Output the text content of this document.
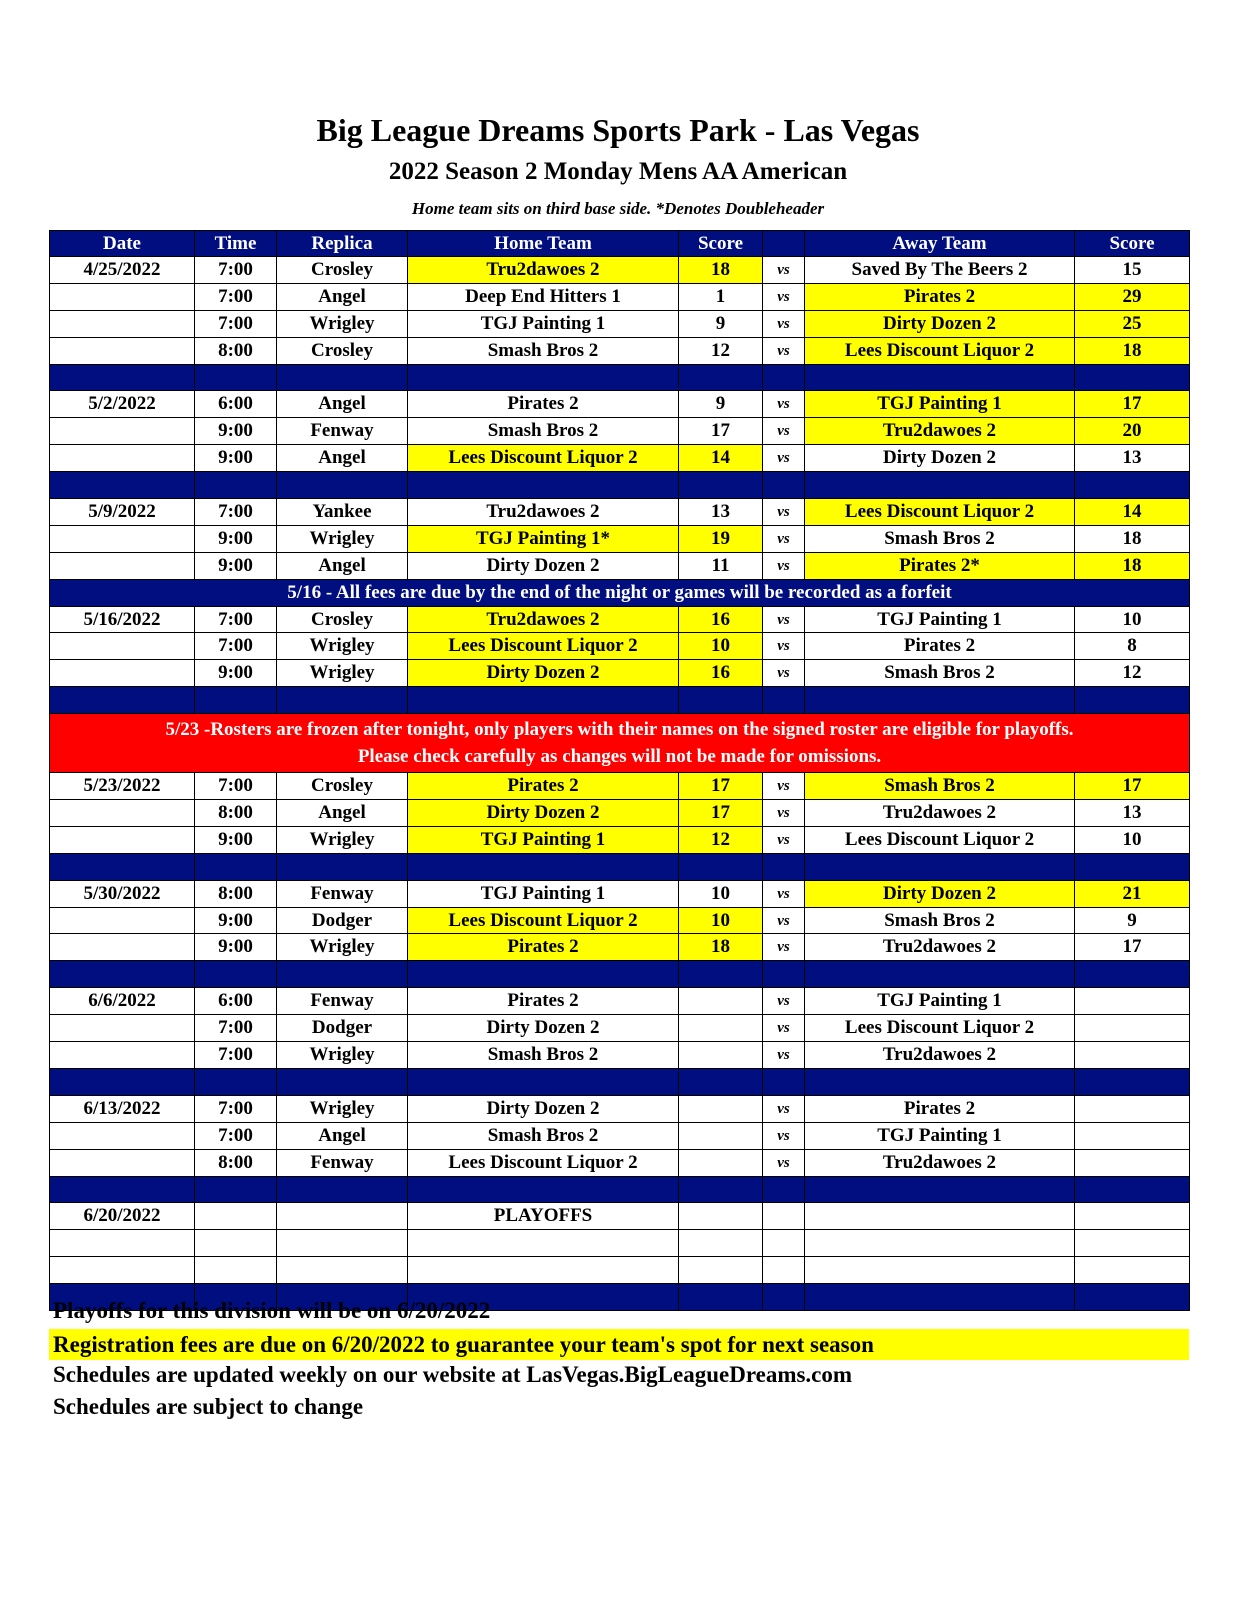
Big League Dreams Sports Park - Las Vegas
2022 Season 2 Monday Mens AA American
Home team sits on third base side. *Denotes Doubleheader
Date	Time	Replica	Home Team	Score		Away Team	Score
4/25/2022	7:00	Crosley	Tru2dawoes 2	18	vs	Saved By The Beers 2	15
	7:00	Angel	Deep End Hitters 1	1	vs	Pirates 2	29
	7:00	Wrigley	TGJ Painting 1	9	vs	Dirty Dozen 2	25
	8:00	Crosley	Smash Bros 2	12	vs	Lees Discount Liquor 2	18

5/2/2022	6:00	Angel	Pirates 2	9	vs	TGJ Painting 1	17
	9:00	Fenway	Smash Bros 2	17	vs	Tru2dawoes 2	20
	9:00	Angel	Lees Discount Liquor 2	14	vs	Dirty Dozen 2	13

5/9/2022	7:00	Yankee	Tru2dawoes 2	13	vs	Lees Discount Liquor 2	14
	9:00	Wrigley	TGJ Painting 1*	19	vs	Smash Bros 2	18
	9:00	Angel	Dirty Dozen 2	11	vs	Pirates 2*	18
5/16 - All fees are due by the end of the night or games will be recorded as a forfeit							
5/16/2022	7:00	Crosley	Tru2dawoes 2	16	vs	TGJ Painting 1	10
	7:00	Wrigley	Lees Discount Liquor 2	10	vs	Pirates 2	8
	9:00	Wrigley	Dirty Dozen 2	16	vs	Smash Bros 2	12

5/23 -Rosters are frozen after tonight, only players with their names on the signed roster are eligible for playoffs.
Please check carefully as changes will not be made for omissions.							

5/23/2022	7:00	Crosley	Pirates 2	17	vs	Smash Bros 2	17
	8:00	Angel	Dirty Dozen 2	17	vs	Tru2dawoes 2	13
	9:00	Wrigley	TGJ Painting 1	12	vs	Lees Discount Liquor 2	10

5/30/2022	8:00	Fenway	TGJ Painting 1	10	vs	Dirty Dozen 2	21
	9:00	Dodger	Lees Discount Liquor 2	10	vs	Smash Bros 2	9
	9:00	Wrigley	Pirates 2	18	vs	Tru2dawoes 2	17

6/6/2022	6:00	Fenway	Pirates 2		vs	TGJ Painting 1	
	7:00	Dodger	Dirty Dozen 2		vs	Lees Discount Liquor 2	
	7:00	Wrigley	Smash Bros 2		vs	Tru2dawoes 2	

6/13/2022	7:00	Wrigley	Dirty Dozen 2		vs	Pirates 2	
	7:00	Angel	Smash Bros 2		vs	TGJ Painting 1	
	8:00	Fenway	Lees Discount Liquor 2		vs	Tru2dawoes 2	

6/20/2022			PLAYOFFS				

Playoffs for this division will be on 6/20/2022
Registration fees are due on 6/20/2022 to guarantee your team's spot for next season
Schedules are updated weekly on our website at LasVegas.BigLeagueDreams.com
Schedules are subject to change
